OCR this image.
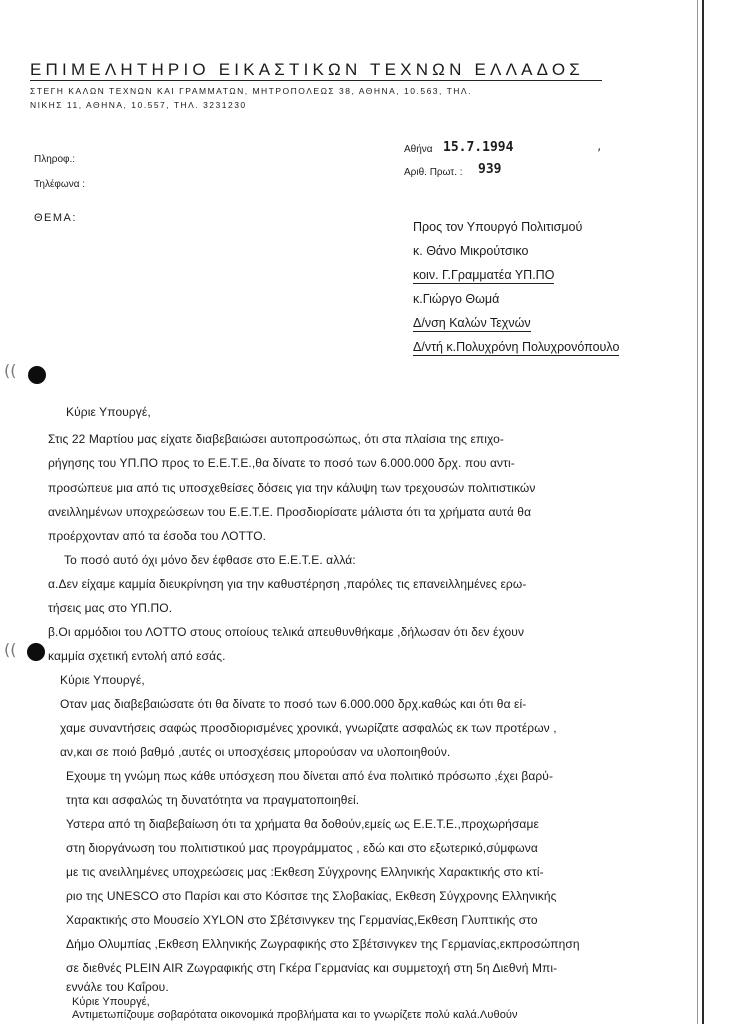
ΕΠΙΜΕΛΗΤΗΡΙΟ ΕΙΚΑΣΤΙΚΩΝ ΤΕΧΝΩΝ ΕΛΛΑΔΟΣ
ΣΤΕΓΗ ΚΑΛΩΝ ΤΕΧΝΩΝ ΚΑΙ ΓΡΑΜΜΑΤΩΝ, ΜΗΤΡΟΠΟΛΕΩΣ 38, ΑΘΗΝΑ, 10.563, ΤΗΛ.
ΝΙΚΗΣ 11, ΑΘΗΝΑ, 10.557, ΤΗΛ. 3231230
Πληροφ.:
Τηλέφωνα :
ΘΕΜΑ:
Αθήνα 15.7.1994	,
Αριθ. Πρωτ. : 939
Προς τον Υπουργό Πολιτισμού
κ. Θάνο Μικρούτσικο
κοιν. Γ.Γραμματέα ΥΠ.ΠΟ
κ.Γιώργο Θωμά
Δ/νση Καλών Τεχνών
Δ/ντή κ.Πολυχρόνη Πολυχρονόπουλο
((
((
Κύριε Υπουργέ,
Στις 22 Μαρτίου μας είχατε διαβεβαιώσει αυτοπροσώπως, ότι στα πλαίσια της επιχο-
ρήγησης του ΥΠ.ΠΟ προς το Ε.Ε.Τ.Ε.,θα δίνατε το ποσό των 6.000.000 δρχ. που αντι-
προσώπευε μια από τις υποσχεθείσες δόσεις για την κάλυψη των τρεχουσών πολιτιστικών
ανειλλημένων υποχρεώσεων του Ε.Ε.Τ.Ε. Προσδιορίσατε μάλιστα ότι τα χρήματα αυτά θα
προέρχονταν από τα έσοδα του ΛΟΤΤΟ.
Το ποσό αυτό όχι μόνο δεν έφθασε στο Ε.Ε.Τ.Ε. αλλά:
α.Δεν είχαμε καμμία διευκρίνηση για την καθυστέρηση ,παρόλες τις επανειλλημένες ερω-
τήσεις μας στο ΥΠ.ΠΟ.
β.Οι αρμόδιοι του ΛΟΤΤΟ στους οποίους τελικά απευθυνθήκαμε ,δήλωσαν ότι δεν έχουν
καμμία σχετική εντολή από εσάς.
Κύριε Υπουργέ,
Οταν μας διαβεβαιώσατε ότι θα δίνατε το ποσό των 6.000.000 δρχ.καθώς και ότι θα εί-
χαμε συναντήσεις σαφώς προσδιορισμένες χρονικά, γνωρίζατε ασφαλώς εκ των προτέρων ,
αν,και σε ποιό βαθμό ,αυτές οι υποσχέσεις μπορούσαν να υλοποιηθούν.
Εχουμε τη γνώμη πως κάθε υπόσχεση που δίνεται από ένα πολιτικό πρόσωπο ,έχει βαρύ-
τητα και ασφαλώς τη δυνατότητα να πραγματοποιηθεί.
Υστερα από τη διαβεβαίωση ότι τα χρήματα θα δοθούν,εμείς ως Ε.Ε.Τ.Ε.,προχωρήσαμε
στη διοργάνωση του πολιτιστικού μας προγράμματος , εδώ και στο εξωτερικό,σύμφωνα
με τις ανειλλημένες υποχρεώσεις μας :Εκθεση Σύγχρονης Ελληνικής Χαρακτικής στο κτί-
ριο της UNESCO στο Παρίσι και στο Κόσιτσε της Σλοβακίας, Εκθεση Σύγχρονης Ελληνικής
Χαρακτικής στο Μουσείο XYLON στο Σβέτσινγκεν της Γερμανίας,Εκθεση Γλυπτικής στο
Δήμο Ολυμπίας ,Εκθεση Ελληνικής Ζωγραφικής στο Σβέτσινγκεν της Γερμανίας,εκπροσώπηση
σε διεθνές PLEIN AIR Ζωγραφικής στη Γκέρα Γερμανίας και συμμετοχή στη 5η Διεθνή Μπι-
εννάλε του Καΐρου.
Κύριε Υπουργέ,
Αντιμετωπίζουμε σοβαρότατα οικονομικά προβλήματα και το γνωρίζετε πολύ καλά.Λυθούν
